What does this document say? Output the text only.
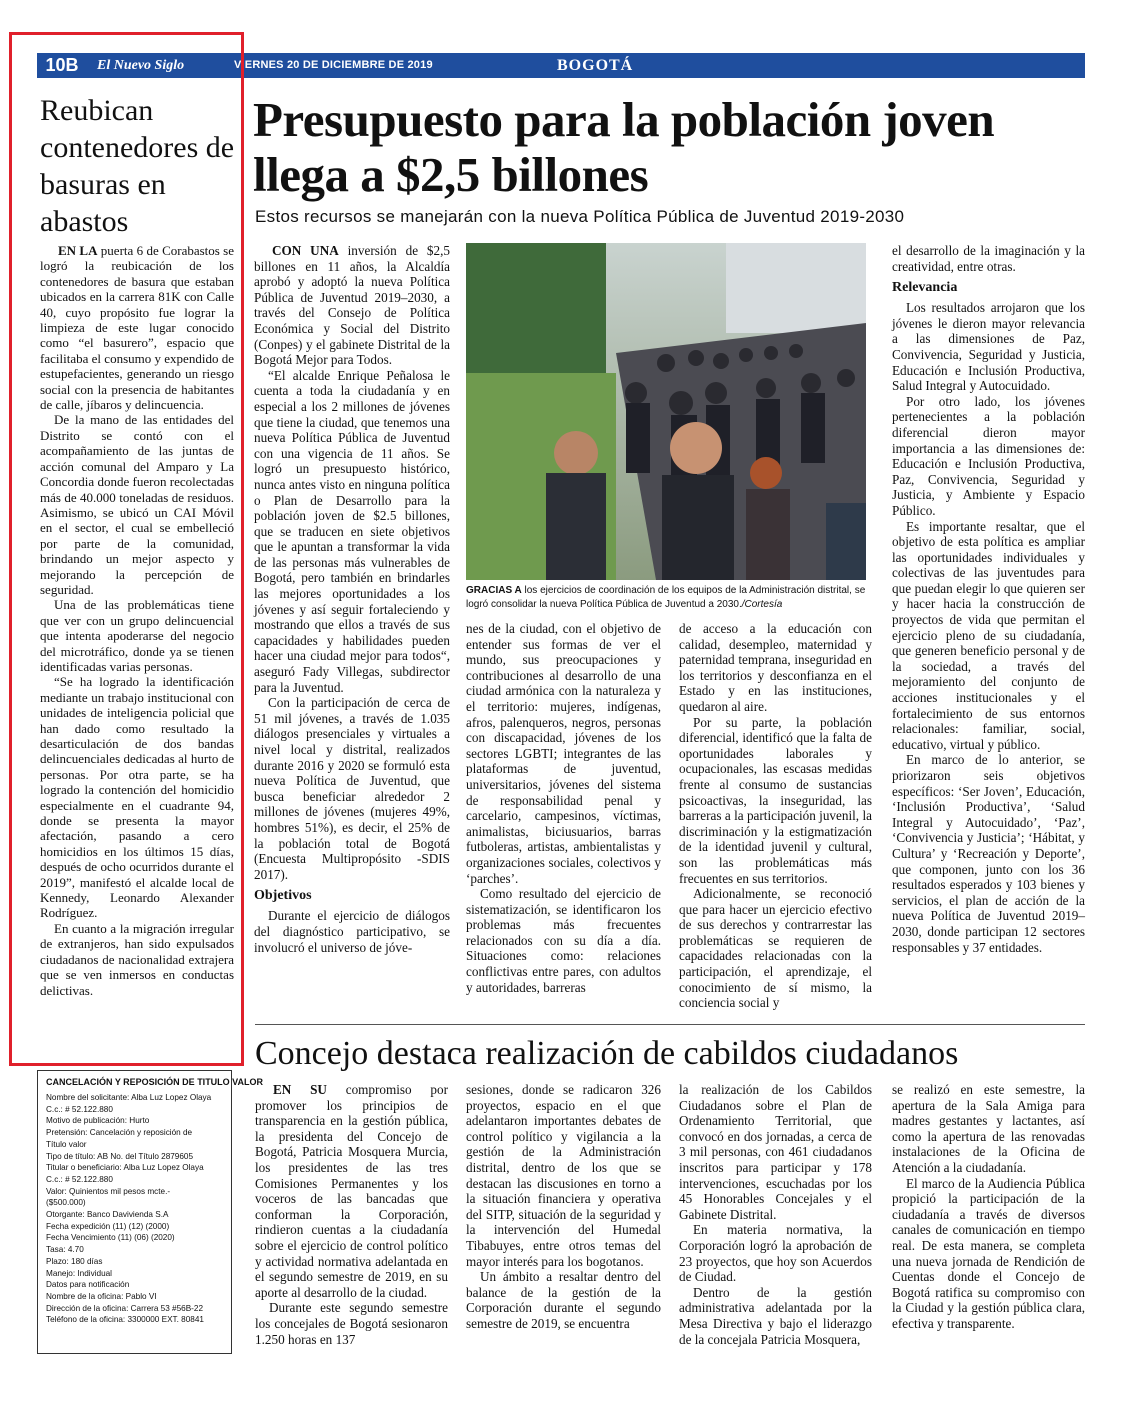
10B	El Nuevo Siglo	VIERNES 20 DE DICIEMBRE DE 2019	BOGOTÁ
Reubican contenedores de basuras en abastos

EN LA puerta 6 de Corabastos se logró la reubicación de los contenedores de basura que estaban ubicados en la carrera 81K con Calle 40, cuyo propósito fue lograr la limpieza de este lugar conocido como “el basurero”, espacio que facilitaba el consumo y expendido de estupefacientes, generando un riesgo social con la presencia de habitantes de calle, jíbaros y delincuencia.

De la mano de las entidades del Distrito se contó con el acompañamiento de las juntas de acción comunal del Amparo y La Concordia donde fueron recolectadas más de 40.000 toneladas de residuos. Asimismo, se ubicó un CAI Móvil en el sector, el cual se embelleció por parte de la comunidad, brindando un mejor aspecto y mejorando la percepción de seguridad.

Una de las problemáticas tiene que ver con un grupo delincuencial que intenta apoderarse del negocio del microtráfico, donde ya se tienen identificadas varias personas.

“Se ha logrado la identificación mediante un trabajo institucional con unidades de inteligencia policial que han dado como resultado la desarticulación de dos bandas delincuenciales dedicadas al hurto de personas. Por otra parte, se ha logrado la contención del homicidio especialmente en el cuadrante 94, donde se presenta la mayor afectación, pasando a cero homicidios en los últimos 15 días, después de ocho ocurridos durante el 2019”, manifestó el alcalde local de Kennedy, Leonardo Alexander Rodríguez.

En cuanto a la migración irregular de extranjeros, han sido expulsados ciudadanos de nacionalidad extrajera que se ven inmersos en conductas delictivas.

Presupuesto para la población joven llega a $2,5 billones
Estos recursos se manejarán con la nueva Política Pública de Juventud 2019-2030

CON UNA inversión de $2,5 billones en 11 años, la Alcaldía aprobó y adoptó la nueva Política Pública de Juventud 2019–2030, a través del Consejo de Política Económica y Social del Distrito (Conpes) y el gabinete Distrital de la Bogotá Mejor para Todos.

“El alcalde Enrique Peñalosa le cuenta a toda la ciudadanía y en especial a los 2 millones de jóvenes que tiene la ciudad, que tenemos una nueva Política Pública de Juventud con una vigencia de 11 años. Se logró un presupuesto histórico, nunca antes visto en ninguna política o Plan de Desarrollo para la población joven de $2.5 billones, que se traducen en siete objetivos que le apuntan a transformar la vida de las personas más vulnerables de Bogotá, pero también en brindarles las mejores oportunidades a los jóvenes y así seguir fortaleciendo y mostrando que ellos a través de sus capacidades y habilidades pueden hacer una ciudad mejor para todos“, aseguró Fady Villegas, subdirector para la Juventud.

Con la participación de cerca de 51 mil jóvenes, a través de 1.035 diálogos presenciales y virtuales a nivel local y distrital, realizados durante 2016 y 2020 se formuló esta nueva Política de Juventud, que busca beneficiar alrededor 2 millones de jóvenes (mujeres 49%, hombres 51%), es decir, el 25% de la población total de Bogotá (Encuesta Multipropósito -SDIS 2017).

Objetivos

Durante el ejercicio de diálogos del diagnóstico participativo, se involucró el universo de jóve-

GRACIAS A los ejercicios de coordinación de los equipos de la Administración distrital, se logró consolidar la nueva Política Pública de Juventud a 2030./Cortesía

nes de la ciudad, con el objetivo de entender sus formas de ver el mundo, sus preocupaciones y contribuciones al desarrollo de una ciudad armónica con la naturaleza y el territorio: mujeres, indígenas, afros, palenqueros, negros, personas con discapacidad, jóvenes de los sectores LGBTI; integrantes de las plataformas de juventud, universitarios, jóvenes del sistema de responsabilidad penal y carcelario, campesinos, víctimas, animalistas, biciusuarios, barras futboleras, artistas, ambientalistas y organizaciones sociales, colectivos y ‘parches’.

Como resultado del ejercicio de sistematización, se identificaron los problemas más frecuentes relacionados con su día a día. Situaciones como: relaciones conflictivas entre pares, con adultos y autoridades, barreras

de acceso a la educación con calidad, desempleo, maternidad y paternidad temprana, inseguridad en los territorios y desconfianza en el Estado y en las instituciones, quedaron al aire.

Por su parte, la población diferencial, identificó que la falta de oportunidades laborales y ocupacionales, las escasas medidas frente al consumo de sustancias psicoactivas, la inseguridad, las barreras a la participación juvenil, la discriminación y la estigmatización de la identidad juvenil y cultural, son las problemáticas más frecuentes en sus territorios.

Adicionalmente, se reconoció que para hacer un ejercicio efectivo de sus derechos y contrarrestar las problemáticas se requieren de capacidades relacionadas con la participación, el aprendizaje, el conocimiento de sí mismo, la conciencia social y

el desarrollo de la imaginación y la creatividad, entre otras.

Relevancia

Los resultados arrojaron que los jóvenes le dieron mayor relevancia a las dimensiones de Paz, Convivencia, Seguridad y Justicia, Educación e Inclusión Productiva, Salud Integral y Autocuidado.

Por otro lado, los jóvenes pertenecientes a la población diferencial dieron mayor importancia a las dimensiones de: Educación e Inclusión Productiva, Paz, Convivencia, Seguridad y Justicia, y Ambiente y Espacio Público.

Es importante resaltar, que el objetivo de esta política es ampliar las oportunidades individuales y colectivas de las juventudes para que puedan elegir lo que quieren ser y hacer hacia la construcción de proyectos de vida que permitan el ejercicio pleno de su ciudadanía, que generen beneficio personal y de la sociedad, a través del mejoramiento del conjunto de acciones institucionales y el fortalecimiento de sus entornos relacionales: familiar, social, educativo, virtual y público.

En marco de lo anterior, se priorizaron seis objetivos específicos: ‘Ser Joven’, Educación, ‘Inclusión Productiva’, ‘Salud Integral y Autocuidado’, ‘Paz’, ‘Convivencia y Justicia’; ‘Hábitat, y Cultura’ y ‘Recreación y Deporte’, que componen, junto con los 36 resultados esperados y 103 bienes y servicios, el plan de acción de la nueva Política de Juventud 2019–2030, donde participan 12 sectores responsables y 37 entidades.

Concejo destaca realización de cabildos ciudadanos

EN SU compromiso por promover los principios de transparencia en la gestión pública, la presidenta del Concejo de Bogotá, Patricia Mosquera Murcia, los presidentes de las tres Comisiones Permanentes y los voceros de las bancadas que conforman la Corporación, rindieron cuentas a la ciudadanía sobre el ejercicio de control político y actividad normativa adelantada en el segundo semestre de 2019, en su aporte al desarrollo de la ciudad.

Durante este segundo semestre los concejales de Bogotá sesionaron 1.250 horas en 137

sesiones, donde se radicaron 326 proyectos, espacio en el que adelantaron importantes debates de control político y vigilancia a la gestión de la Administración distrital, dentro de los que se destacan las discusiones en torno a la situación financiera y operativa del SITP, situación de la seguridad y la intervención del Humedal Tibabuyes, entre otros temas del mayor interés para los bogotanos.

Un ámbito a resaltar dentro del balance de la gestión de la Corporación durante el segundo semestre de 2019, se encuentra

la realización de los Cabildos Ciudadanos sobre el Plan de Ordenamiento Territorial, que convocó en dos jornadas, a cerca de 3 mil personas, con 461 ciudadanos inscritos para participar y 178 intervenciones, escuchadas por los 45 Honorables Concejales y el Gabinete Distrital.

En materia normativa, la Corporación logró la aprobación de 23 proyectos, que hoy son Acuerdos de Ciudad.

Dentro de la gestión administrativa adelantada por la Mesa Directiva y bajo el liderazgo de la concejala Patricia Mosquera,

se realizó en este semestre, la apertura de la Sala Amiga para madres gestantes y lactantes, así como la apertura de las renovadas instalaciones de la Oficina de Atención a la ciudadanía.

El marco de la Audiencia Pública propició la participación de la ciudadanía a través de diversos canales de comunicación en tiempo real. De esta manera, se completa una nueva jornada de Rendición de Cuentas donde el Concejo de Bogotá ratifica su compromiso con la Ciudad y la gestión pública clara, efectiva y transparente.

CANCELACIÓN Y REPOSICIÓN DE TITULO VALOR
Nombre del solicitante: Alba Luz Lopez Olaya
C.c.: # 52.122.880
Motivo de publicación: Hurto
Pretensión: Cancelación y reposición de
Título valor
Tipo de título: AB No. del Título 2879605
Titular o beneficiario: Alba Luz Lopez Olaya
C.c.: # 52.122.880
Valor: Quinientos mil pesos mcte.-
($500.000)
Otorgante: Banco Davivienda S.A
Fecha expedición (11) (12) (2000)
Fecha Vencimiento (11) (06) (2020)
Tasa: 4.70
Plazo: 180 días
Manejo: Individual
Datos para notificación
Nombre de la oficina: Pablo VI
Dirección de la oficina: Carrera 53 #56B-22
Teléfono de la oficina: 3300000 EXT. 80841
